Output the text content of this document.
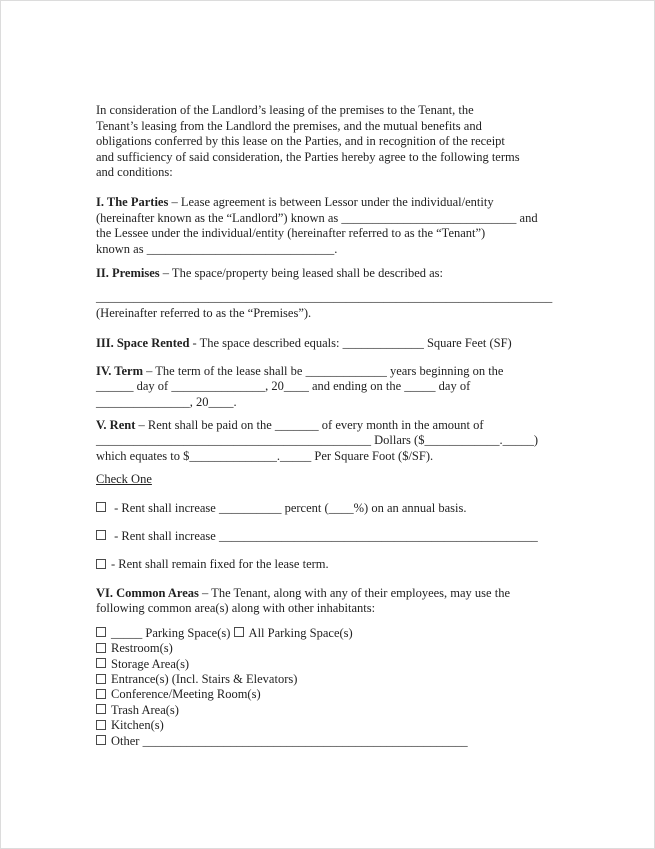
In consideration of the Landlord’s leasing of the premises to the Tenant, the
Tenant’s leasing from the Landlord the premises, and the mutual benefits and
obligations conferred by this lease on the Parties, and in recognition of the receipt
and sufficiency of said consideration, the Parties hereby agree to the following terms
and conditions:
I. The Parties – Lease agreement is between Lessor under the individual/entity
(hereinafter known as the “Landlord”) known as ____________________________ and
the Lessee under the individual/entity (hereinafter referred to as the “Tenant”)
known as ______________________________.
II. Premises – The space/property being leased shall be described as:
_________________________________________________________________________
(Hereinafter referred to as the “Premises”).
III. Space Rented - The space described equals: _____________ Square Feet (SF)
IV. Term – The term of the lease shall be _____________ years beginning on the
______ day of _______________, 20____ and ending on the _____ day of
_______________, 20____.
V. Rent – Rent shall be paid on the _______ of every month in the amount of
____________________________________________ Dollars ($____________._____)
which equates to $______________._____ Per Square Foot ($/SF).
Check One
- Rent shall increase __________ percent (____%) on an annual basis.
- Rent shall increase ___________________________________________________
- Rent shall remain fixed for the lease term.
VI. Common Areas – The Tenant, along with any of their employees, may use the
following common area(s) along with other inhabitants:
_____ Parking Space(s) All Parking Space(s)
Restroom(s)
Storage Area(s)
Entrance(s) (Incl. Stairs & Elevators)
Conference/Meeting Room(s)
Trash Area(s)
Kitchen(s)
Other ____________________________________________________
